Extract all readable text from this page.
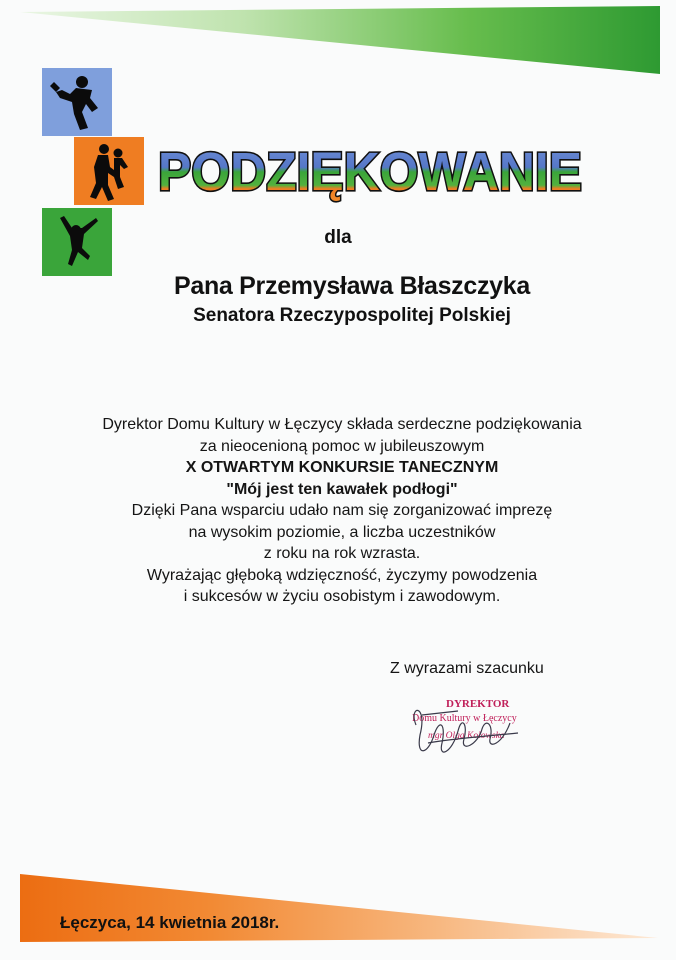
PODZIĘKOWANIE
dla
Pana Przemysława Błaszczyka
Senatora Rzeczypospolitej Polskiej
Dyrektor Domu Kultury w Łęczycy składa serdeczne podziękowania
za nieocenioną pomoc w jubileuszowym
X OTWARTYM KONKURSIE TANECZNYM
"Mój jest ten kawałek podłogi"
Dzięki Pana wsparciu udało nam się zorganizować imprezę
na wysokim poziomie, a liczba uczestników
z roku na rok wzrasta.
Wyrażając głęboką wdzięczność, życzymy powodzenia
i sukcesów w życiu osobistym i zawodowym.
Z wyrazami szacunku
DYREKTOR
Domu Kultury w Łęczycy
mgr Olga Kołowska
Łęczyca, 14 kwietnia 2018r.
